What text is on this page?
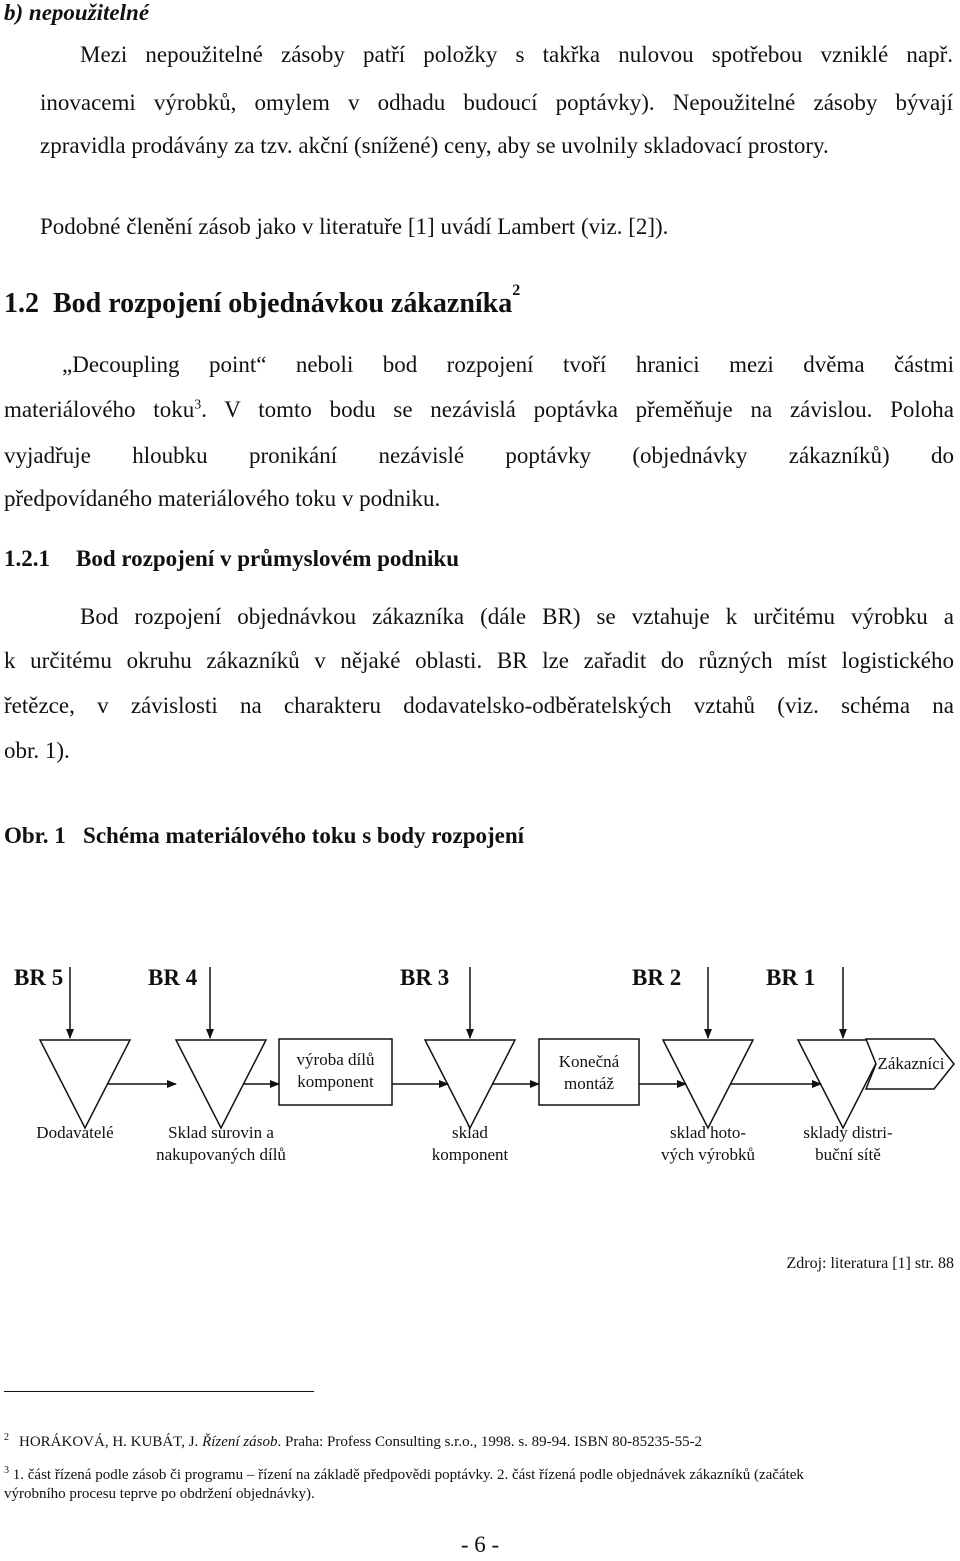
b) nepoužitelné
Mezi nepoužitelné zásoby patří položky s takřka nulovou spotřebou vzniklé např.
inovacemi výrobků, omylem v odhadu budoucí poptávky). Nepoužitelné zásoby bývají
zpravidla prodávány za tzv. akční (snížené) ceny, aby se uvolnily skladovací prostory.
Podobné členění zásob jako v literatuře [1] uvádí Lambert (viz. [2]).
1.2 Bod rozpojení objednávkou zákazníka$^2$
„Decoupling point“ neboli bod rozpojení tvoří hranici mezi dvěma částmi
materiálového toku$^3$. V tomto bodu se nezávislá poptávka přeměňuje na závislou. Poloha
vyjadřuje hloubku pronikání nezávislé poptávky (objednávky zákazníků) do
předpovídaného materiálového toku v podniku.
1.2.1 Bod rozpojení v průmyslovém podniku
Bod rozpojení objednávkou zákazníka (dále BR) se vztahuje k určitému výrobku a
k určitému okruhu zákazníků v nějaké oblasti. BR lze zařadit do různých míst logistického
řetězce, v závislosti na charakteru dodavatelsko-odběratelských vztahů (viz. schéma na
obr. 1).
Obr. 1 Schéma materiálového toku s body rozpojení
BR 5	BR 4	BR 3	BR 2	BR 1
výroba dílů
komponent
Konečná
montáž
Zákazníci
Dodavatelé	Sklad surovin a
nakupovaných dílů
sklad
komponent
sklad hoto-
vých výrobků
sklady distri-
buční sítě
Zdroj: literatura [1] str. 88
$^2$ HORÁKOVÁ, H. KUBÁT, J. Řízení zásob. Praha: Profess Consulting s.r.o., 1998. s. 89-94. ISBN 80-85235-55-2
$^3$ 1. část řízená podle zásob či programu – řízení na základě předpovědi poptávky. 2. část řízená podle objednávek zákazníků (začátek
výrobního procesu teprve po obdržení objednávky).
- 6 -
